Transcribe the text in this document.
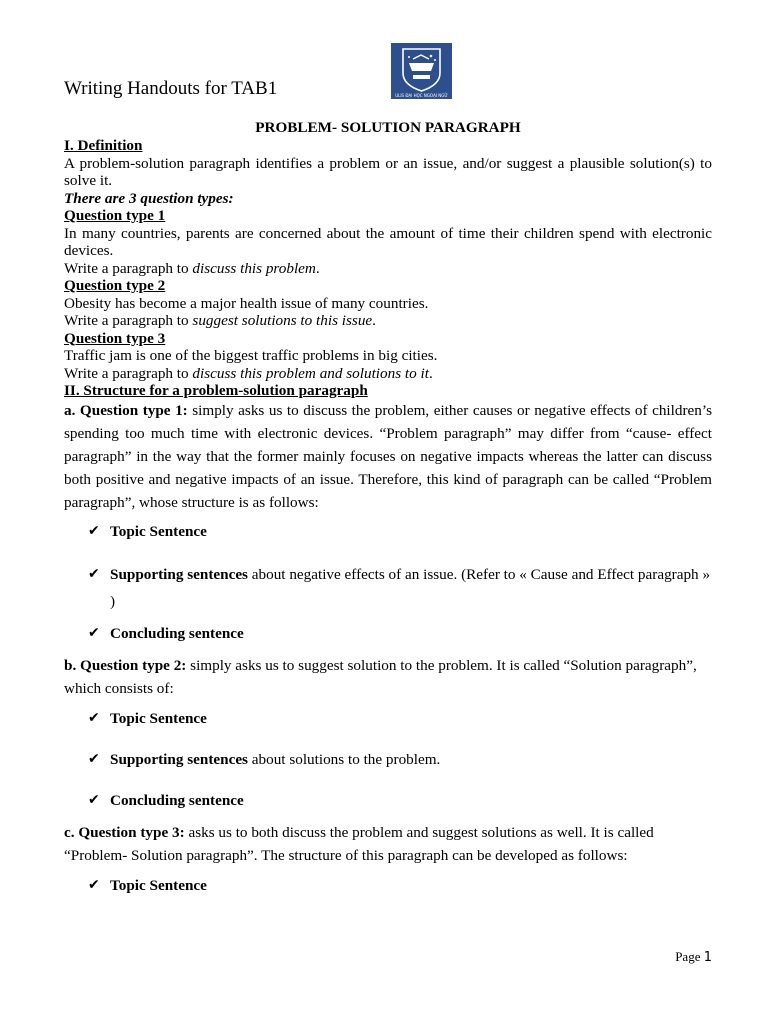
Writing Handouts for TAB1	ULIS ĐẠI HỌC NGOẠI NGỮ
PROBLEM- SOLUTION PARAGRAPH
I. Definition
A problem-solution paragraph identifies a problem or an issue, and/or suggest a plausible solution(s) to solve it.
There are 3 question types:
Question type 1
In many countries, parents are concerned about the amount of time their children spend with electronic devices.
Write a paragraph to discuss this problem.
Question type 2
Obesity has become a major health issue of many countries.
Write a paragraph to suggest solutions to this issue.
Question type 3
Traffic jam is one of the biggest traffic problems in big cities.
Write a paragraph to discuss this problem and solutions to it.
II. Structure for a problem-solution paragraph
a. Question type 1: simply asks us to discuss the problem, either causes or negative effects of children’s spending too much time with electronic devices. “Problem paragraph” may differ from “cause- effect paragraph” in the way that the former mainly focuses on negative impacts whereas the latter can discuss both positive and negative impacts of an issue. Therefore, this kind of paragraph can be called “Problem paragraph”, whose structure is as follows:
✔ Topic Sentence
✔ Supporting sentences about negative effects of an issue. (Refer to « Cause and Effect paragraph » )
✔ Concluding sentence
b. Question type 2: simply asks us to suggest solution to the problem. It is called “Solution paragraph”, which consists of:
✔ Topic Sentence
✔ Supporting sentences about solutions to the problem.
✔ Concluding sentence
c. Question type 3: asks us to both discuss the problem and suggest solutions as well. It is called “Problem- Solution paragraph”. The structure of this paragraph can be developed as follows:
✔ Topic Sentence
Page 1
